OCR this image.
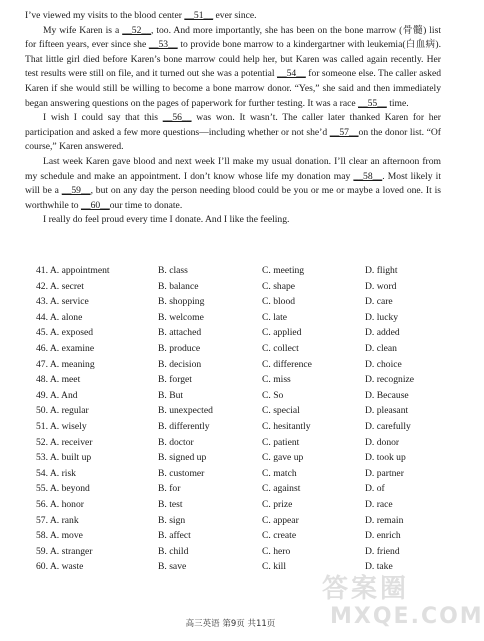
I’ve viewed my visits to the blood center __51__ ever since.

My wife Karen is a __52__, too. And more importantly, she has been on the bone marrow (骨髓) list for fifteen years, ever since she __53__ to provide bone marrow to a kindergartner with leukemia(白血病). That little girl died before Karen’s bone marrow could help her, but Karen was called again recently. Her test results were still on file, and it turned out she was a potential __54__ for someone else. The caller asked Karen if she would still be willing to become a bone marrow donor. “Yes,” she said and then immediately began answering questions on the pages of paperwork for further testing. It was a race __55__ time.

I wish I could say that this __56__ was won. It wasn’t. The caller later thanked Karen for her participation and asked a few more questions—including whether or not she’d __57__on the donor list. “Of course,” Karen answered.

Last week Karen gave blood and next week I’ll make my usual donation. I’ll clear an afternoon from my schedule and make an appointment. I don’t know whose life my donation may __58__. Most likely it will be a __59__, but on any day the person needing blood could be you or me or maybe a loved one. It is worthwhile to __60__our time to donate.

I really do feel proud every time I donate. And I like the feeling.

41. A. appointment	B. class	C. meeting	D. flight
42. A. secret	B. balance	C. shape	D. word
43. A. service	B. shopping	C. blood	D. care
44. A. alone	B. welcome	C. late	D. lucky
45. A. exposed	B. attached	C. applied	D. added
46. A. examine	B. produce	C. collect	D. clean
47. A. meaning	B. decision	C. difference	D. choice
48. A. meet	B. forget	C. miss	D. recognize
49. A. And	B. But	C. So	D. Because
50. A. regular	B. unexpected	C. special	D. pleasant
51. A. wisely	B. differently	C. hesitantly	D. carefully
52. A. receiver	B. doctor	C. patient	D. donor
53. A. built up	B. signed up	C. gave up	D. took up
54. A. risk	B. customer	C. match	D. partner
55. A. beyond	B. for	C. against	D. of
56. A. honor	B. test	C. prize	D. race
57. A. rank	B. sign	C. appear	D. remain
58. A. move	B. affect	C. create	D. enrich
59. A. stranger	B. child	C. hero	D. friend
60. A. waste	B. save	C. kill	D. take
高三英语 第9页 共11页
答案圈
MXQE.COM
